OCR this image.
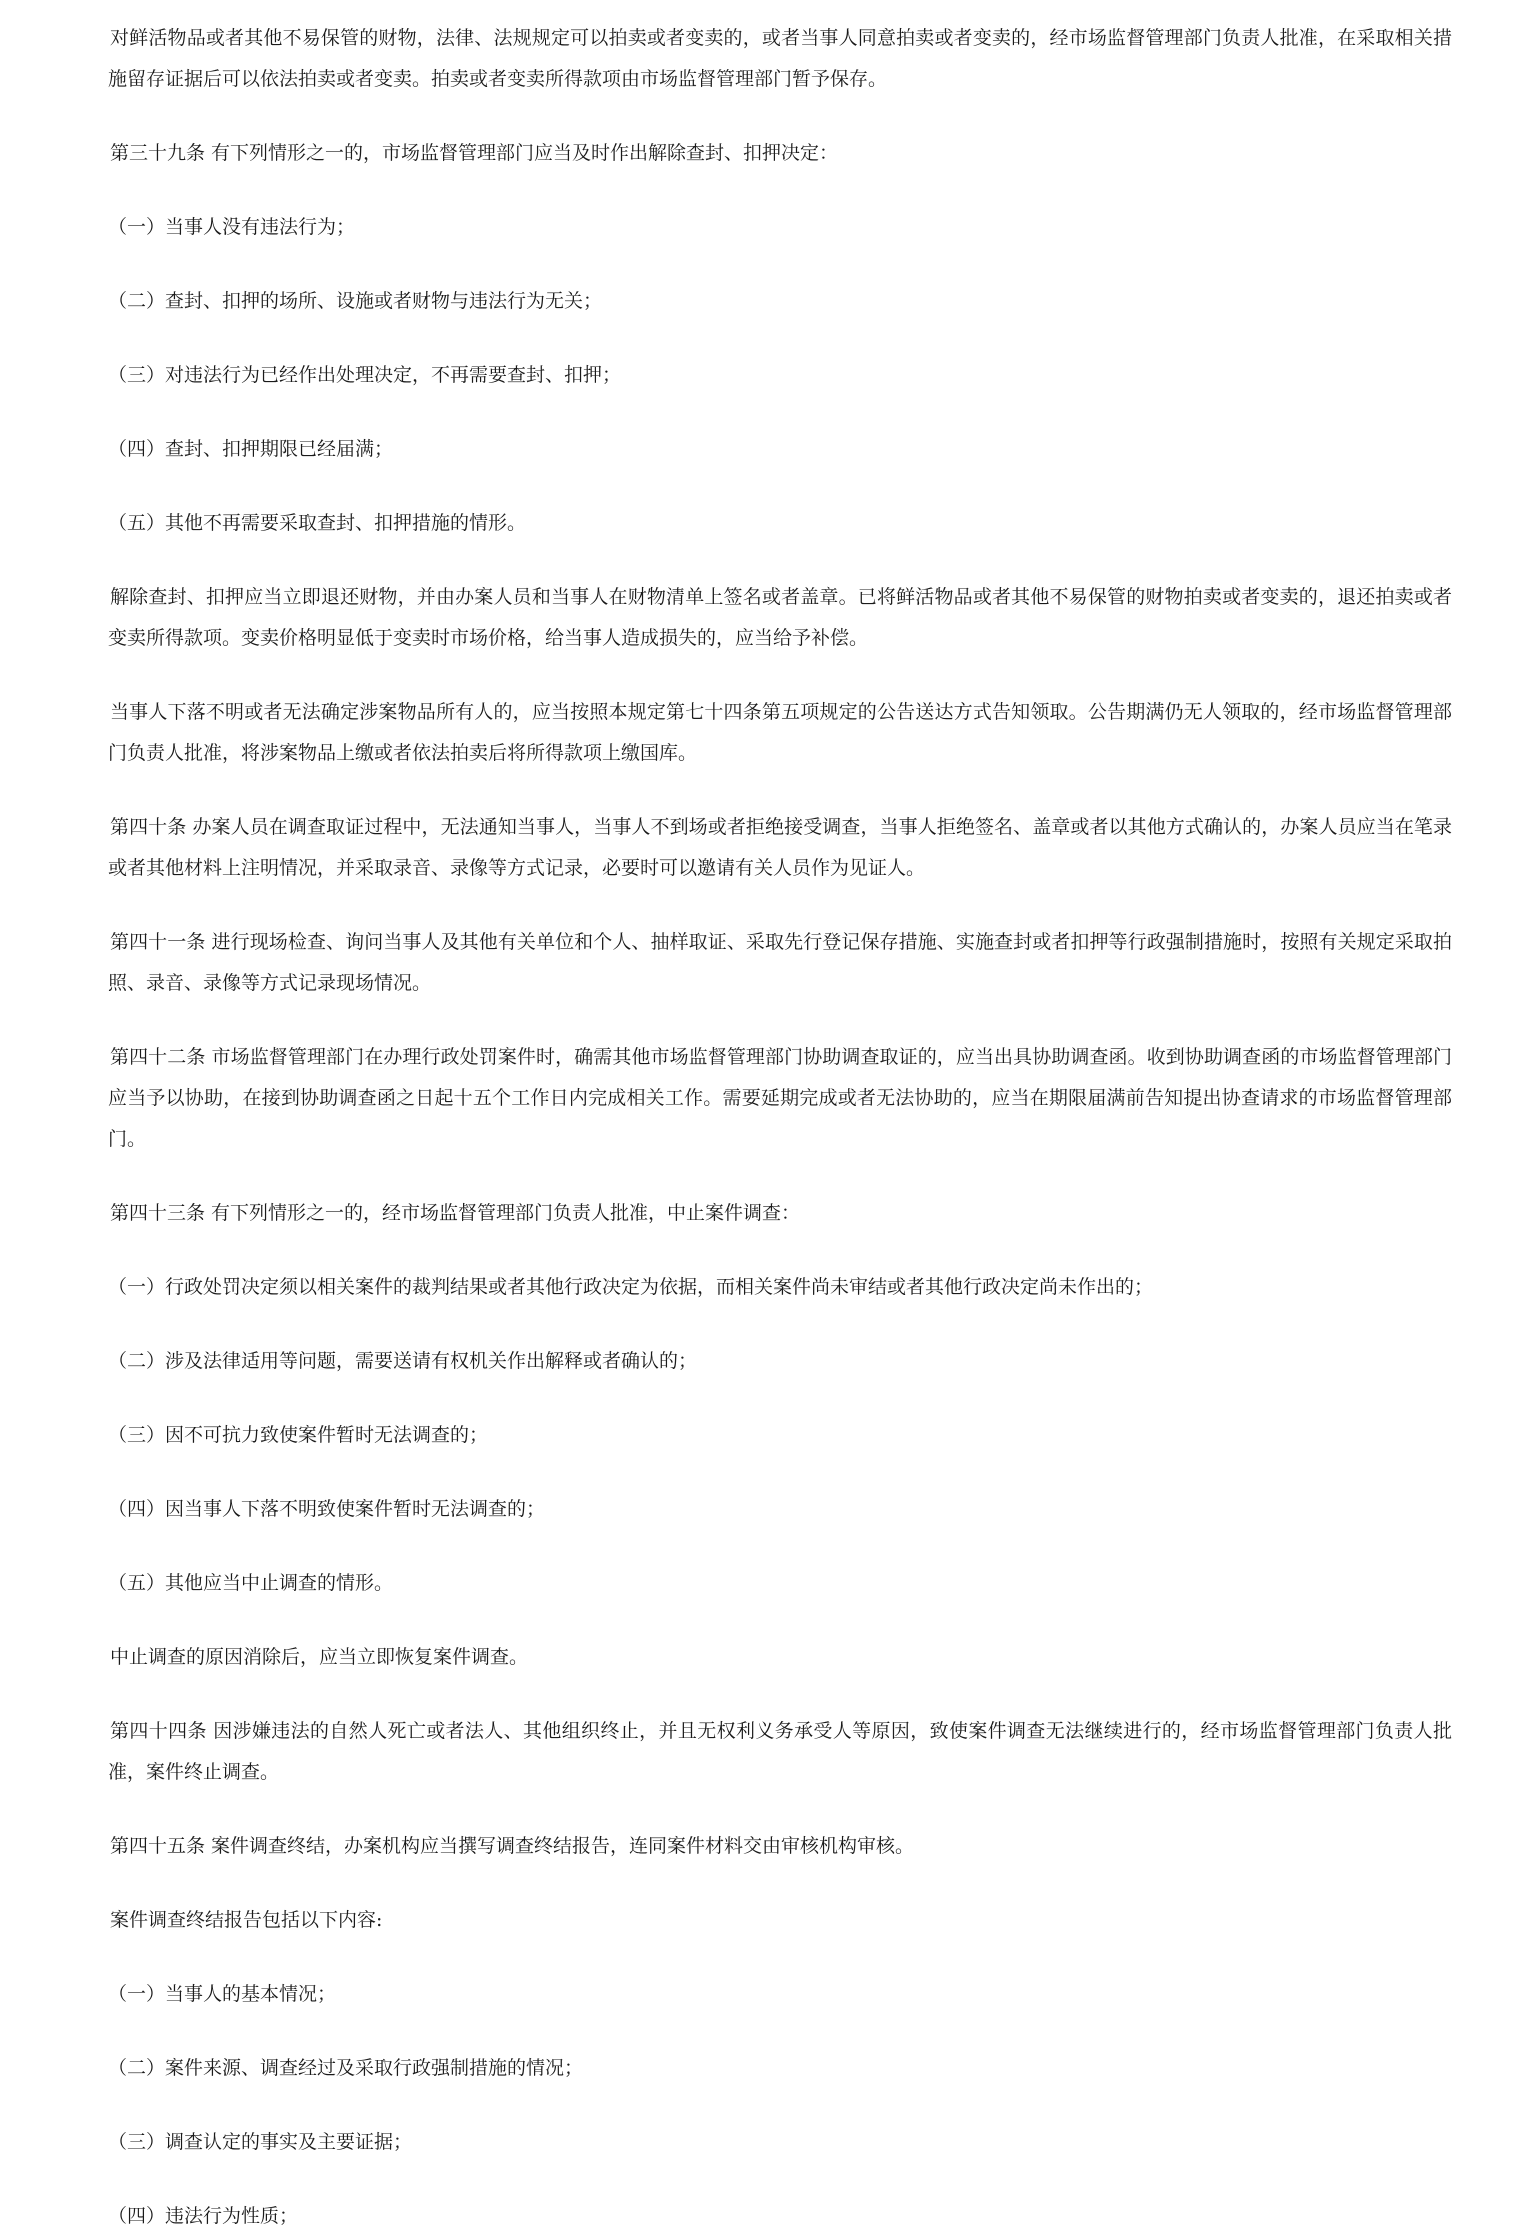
对鲜活物品或者其他不易保管的财物，法律、法规规定可以拍卖或者变卖的，或者当事人同意拍卖或者变卖的，经市场监督管理部门负责人批准，在采取相关措施留存证据后可以依法拍卖或者变卖。拍卖或者变卖所得款项由市场监督管理部门暂予保存。

第三十九条 有下列情形之一的，市场监督管理部门应当及时作出解除查封、扣押决定：

（一）当事人没有违法行为；

（二）查封、扣押的场所、设施或者财物与违法行为无关；

（三）对违法行为已经作出处理决定，不再需要查封、扣押；

（四）查封、扣押期限已经届满；

（五）其他不再需要采取查封、扣押措施的情形。

解除查封、扣押应当立即退还财物，并由办案人员和当事人在财物清单上签名或者盖章。已将鲜活物品或者其他不易保管的财物拍卖或者变卖的，退还拍卖或者变卖所得款项。变卖价格明显低于变卖时市场价格，给当事人造成损失的，应当给予补偿。

当事人下落不明或者无法确定涉案物品所有人的，应当按照本规定第七十四条第五项规定的公告送达方式告知领取。公告期满仍无人领取的，经市场监督管理部门负责人批准，将涉案物品上缴或者依法拍卖后将所得款项上缴国库。

第四十条 办案人员在调查取证过程中，无法通知当事人，当事人不到场或者拒绝接受调查，当事人拒绝签名、盖章或者以其他方式确认的，办案人员应当在笔录或者其他材料上注明情况，并采取录音、录像等方式记录，必要时可以邀请有关人员作为见证人。

第四十一条 进行现场检查、询问当事人及其他有关单位和个人、抽样取证、采取先行登记保存措施、实施查封或者扣押等行政强制措施时，按照有关规定采取拍照、录音、录像等方式记录现场情况。

第四十二条 市场监督管理部门在办理行政处罚案件时，确需其他市场监督管理部门协助调查取证的，应当出具协助调查函。收到协助调查函的市场监督管理部门应当予以协助，在接到协助调查函之日起十五个工作日内完成相关工作。需要延期完成或者无法协助的，应当在期限届满前告知提出协查请求的市场监督管理部门。

第四十三条 有下列情形之一的，经市场监督管理部门负责人批准，中止案件调查：

（一）行政处罚决定须以相关案件的裁判结果或者其他行政决定为依据，而相关案件尚未审结或者其他行政决定尚未作出的；

（二）涉及法律适用等问题，需要送请有权机关作出解释或者确认的；

（三）因不可抗力致使案件暂时无法调查的；

（四）因当事人下落不明致使案件暂时无法调查的；

（五）其他应当中止调查的情形。

中止调查的原因消除后，应当立即恢复案件调查。

第四十四条 因涉嫌违法的自然人死亡或者法人、其他组织终止，并且无权利义务承受人等原因，致使案件调查无法继续进行的，经市场监督管理部门负责人批准，案件终止调查。

第四十五条 案件调查终结，办案机构应当撰写调查终结报告，连同案件材料交由审核机构审核。

案件调查终结报告包括以下内容:

（一）当事人的基本情况；

（二）案件来源、调查经过及采取行政强制措施的情况；

（三）调查认定的事实及主要证据；

（四）违法行为性质；
